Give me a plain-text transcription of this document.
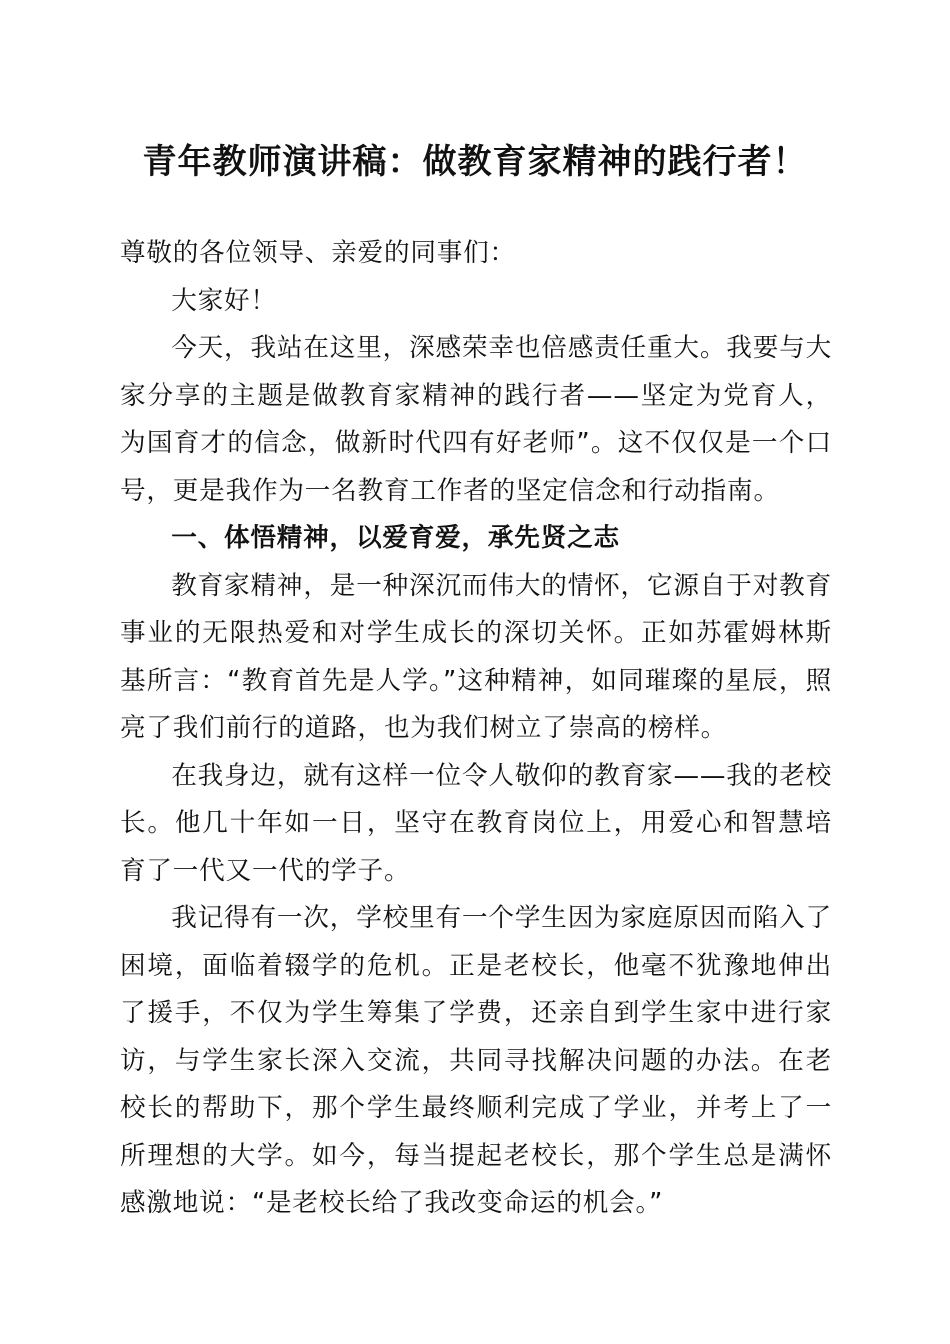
青年教师演讲稿：做教育家精神的践行者！

尊敬的各位领导、亲爱的同事们：

大家好！

今天，我站在这里，深感荣幸也倍感责任重大。我要与大家分享的主题是做教育家精神的践行者——坚定为党育人，为国育才的信念，做新时代四有好老师”。这不仅仅是一个口号，更是我作为一名教育工作者的坚定信念和行动指南。

一、体悟精神，以爱育爱，承先贤之志

教育家精神，是一种深沉而伟大的情怀，它源自于对教育事业的无限热爱和对学生成长的深切关怀。正如苏霍姆林斯基所言：“教育首先是人学。”这种精神，如同璀璨的星辰，照亮了我们前行的道路，也为我们树立了崇高的榜样。

在我身边，就有这样一位令人敬仰的教育家——我的老校长。他几十年如一日，坚守在教育岗位上，用爱心和智慧培育了一代又一代的学子。

我记得有一次，学校里有一个学生因为家庭原因而陷入了困境，面临着辍学的危机。正是老校长，他毫不犹豫地伸出了援手，不仅为学生筹集了学费，还亲自到学生家中进行家访，与学生家长深入交流，共同寻找解决问题的办法。在老校长的帮助下，那个学生最终顺利完成了学业，并考上了一所理想的大学。如今，每当提起老校长，那个学生总是满怀感激地说：“是老校长给了我改变命运的机会。”
